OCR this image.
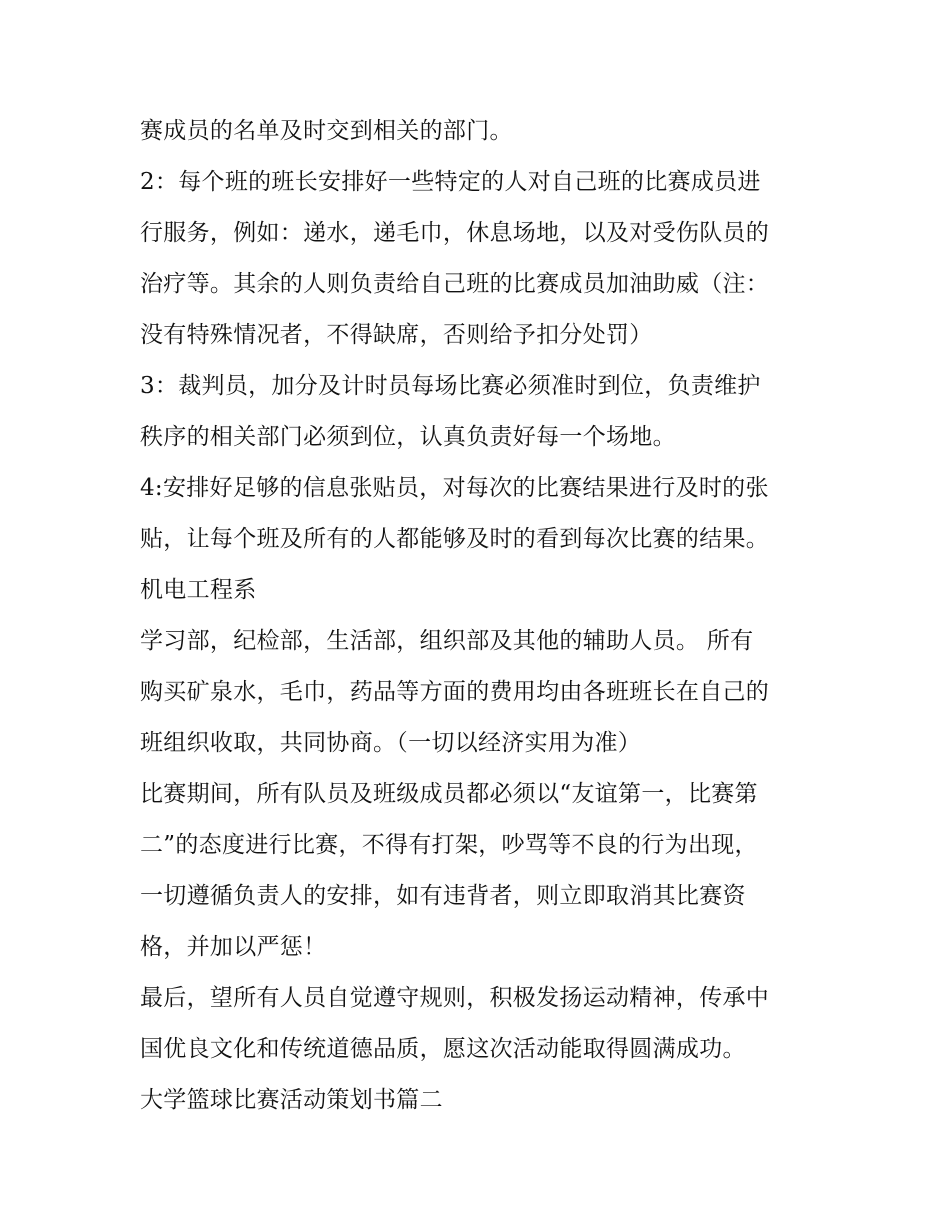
赛成员的名单及时交到相关的部门。
2：每个班的班长安排好一些特定的人对自己班的比赛成员进
行服务，例如：递水，递毛巾，休息场地，以及对受伤队员的
治疗等。其余的人则负责给自己班的比赛成员加油助威（注：
没有特殊情况者，不得缺席，否则给予扣分处罚）
3：裁判员，加分及计时员每场比赛必须准时到位，负责维护
秩序的相关部门必须到位，认真负责好每一个场地。
4:安排好足够的信息张贴员，对每次的比赛结果进行及时的张
贴，让每个班及所有的人都能够及时的看到每次比赛的结果。
机电工程系
学习部，纪检部，生活部，组织部及其他的辅助人员。 所有
购买矿泉水，毛巾，药品等方面的费用均由各班班长在自己的
班组织收取，共同协商。（一切以经济实用为准）
比赛期间，所有队员及班级成员都必须以“友谊第一，比赛第
二”的态度进行比赛，不得有打架，吵骂等不良的行为出现，
一切遵循负责人的安排，如有违背者，则立即取消其比赛资
格，并加以严惩！
最后，望所有人员自觉遵守规则，积极发扬运动精神，传承中
国优良文化和传统道德品质，愿这次活动能取得圆满成功。
大学篮球比赛活动策划书篇二
